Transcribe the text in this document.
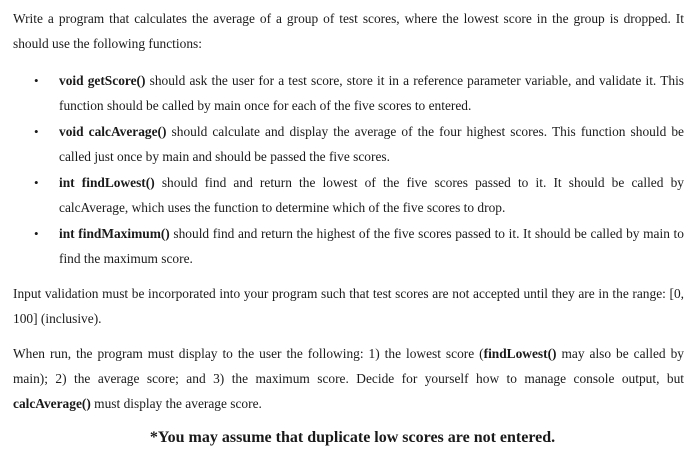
Write a program that calculates the average of a group of test scores, where the lowest score in the group is dropped. It should use the following functions:

• void getScore() should ask the user for a test score, store it in a reference parameter variable, and validate it. This function should be called by main once for each of the five scores to entered.
• void calcAverage() should calculate and display the average of the four highest scores. This function should be called just once by main and should be passed the five scores.
• int findLowest() should find and return the lowest of the five scores passed to it. It should be called by calcAverage, which uses the function to determine which of the five scores to drop.
• int findMaximum() should find and return the highest of the five scores passed to it. It should be called by main to find the maximum score.

Input validation must be incorporated into your program such that test scores are not accepted until they are in the range: [0, 100] (inclusive).

When run, the program must display to the user the following: 1) the lowest score (findLowest() may also be called by main); 2) the average score; and 3) the maximum score. Decide for yourself how to manage console output, but calcAverage() must display the average score.

*You may assume that duplicate low scores are not entered.
